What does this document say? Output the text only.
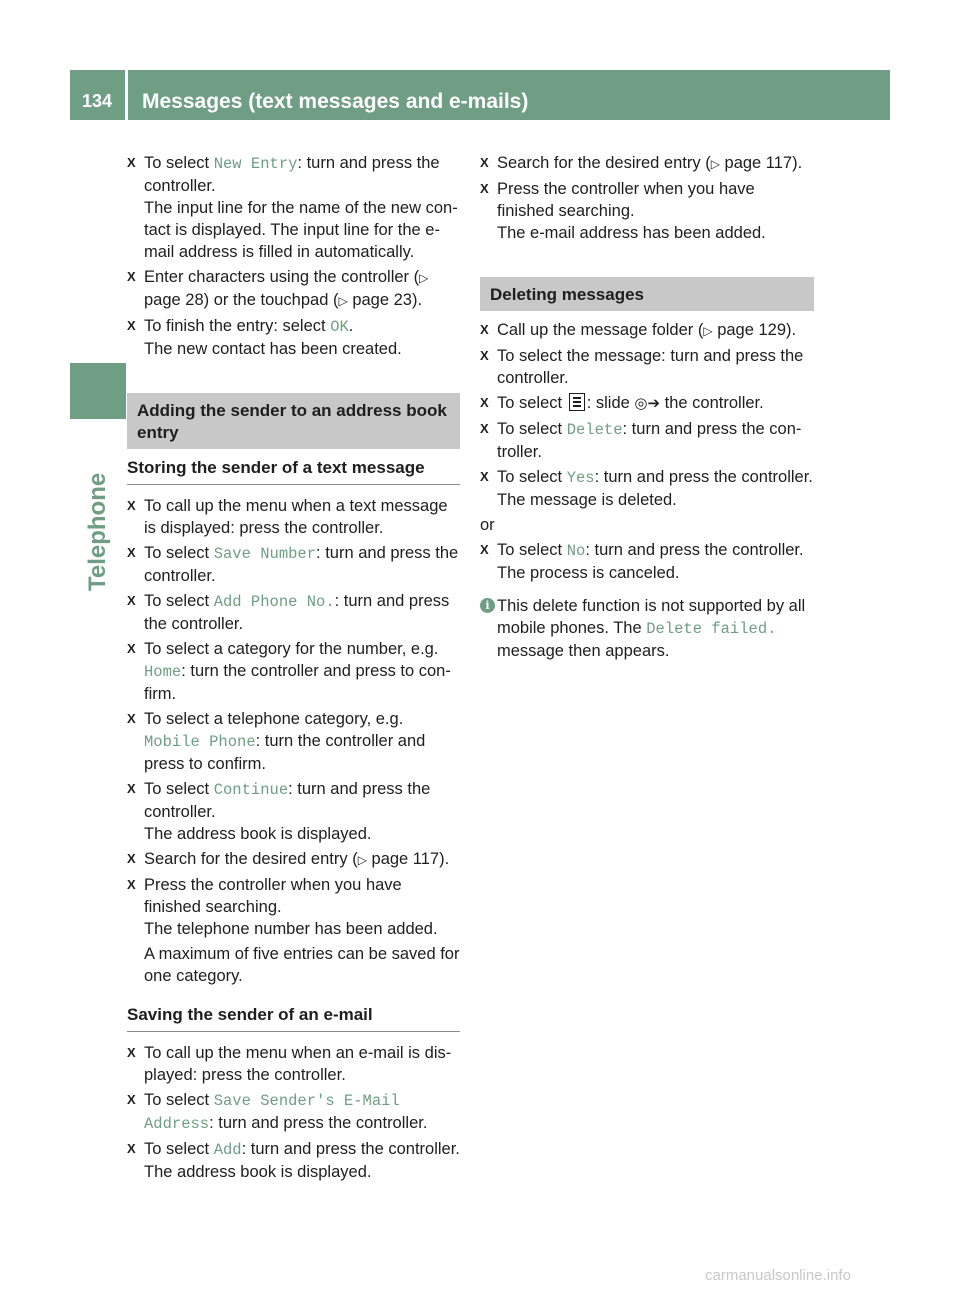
134	Messages (text messages and e-mails)
Telephone
X To select New Entry: turn and press the controller.
The input line for the name of the new con- tact is displayed. The input line for the e- mail address is filled in automatically.
X Enter characters using the controller (▷ page 28) or the touchpad (▷ page 23).
X To finish the entry: select OK.
The new contact has been created.
Adding the sender to an address book entry
Storing the sender of a text message
X To call up the menu when a text message is displayed: press the controller.
X To select Save Number: turn and press the controller.
X To select Add Phone No.: turn and press the controller.
X To select a category for the number, e.g. Home: turn the controller and press to con- firm.
X To select a telephone category, e.g. Mobile Phone: turn the controller and press to confirm.
X To select Continue: turn and press the controller.
The address book is displayed.
X Search for the desired entry (▷ page 117).
X Press the controller when you have finished searching.
The telephone number has been added.
A maximum of five entries can be saved for one category.
Saving the sender of an e-mail
X To call up the menu when an e-mail is dis- played: press the controller.
X To select Save Sender's E-Mail Address: turn and press the controller.
X To select Add: turn and press the controller.
The address book is displayed.
X Search for the desired entry (▷ page 117).
X Press the controller when you have finished searching.
The e-mail address has been added.
Deleting messages
X Call up the message folder (▷ page 129).
X To select the message: turn and press the controller.
X To select : slide ◎➔ the controller.
X To select Delete: turn and press the con- troller.
X To select Yes: turn and press the controller.
The message is deleted.
or
X To select No: turn and press the controller.
The process is canceled.
i This delete function is not supported by all mobile phones. The Delete failed. message then appears.
carmanualsonline.info
